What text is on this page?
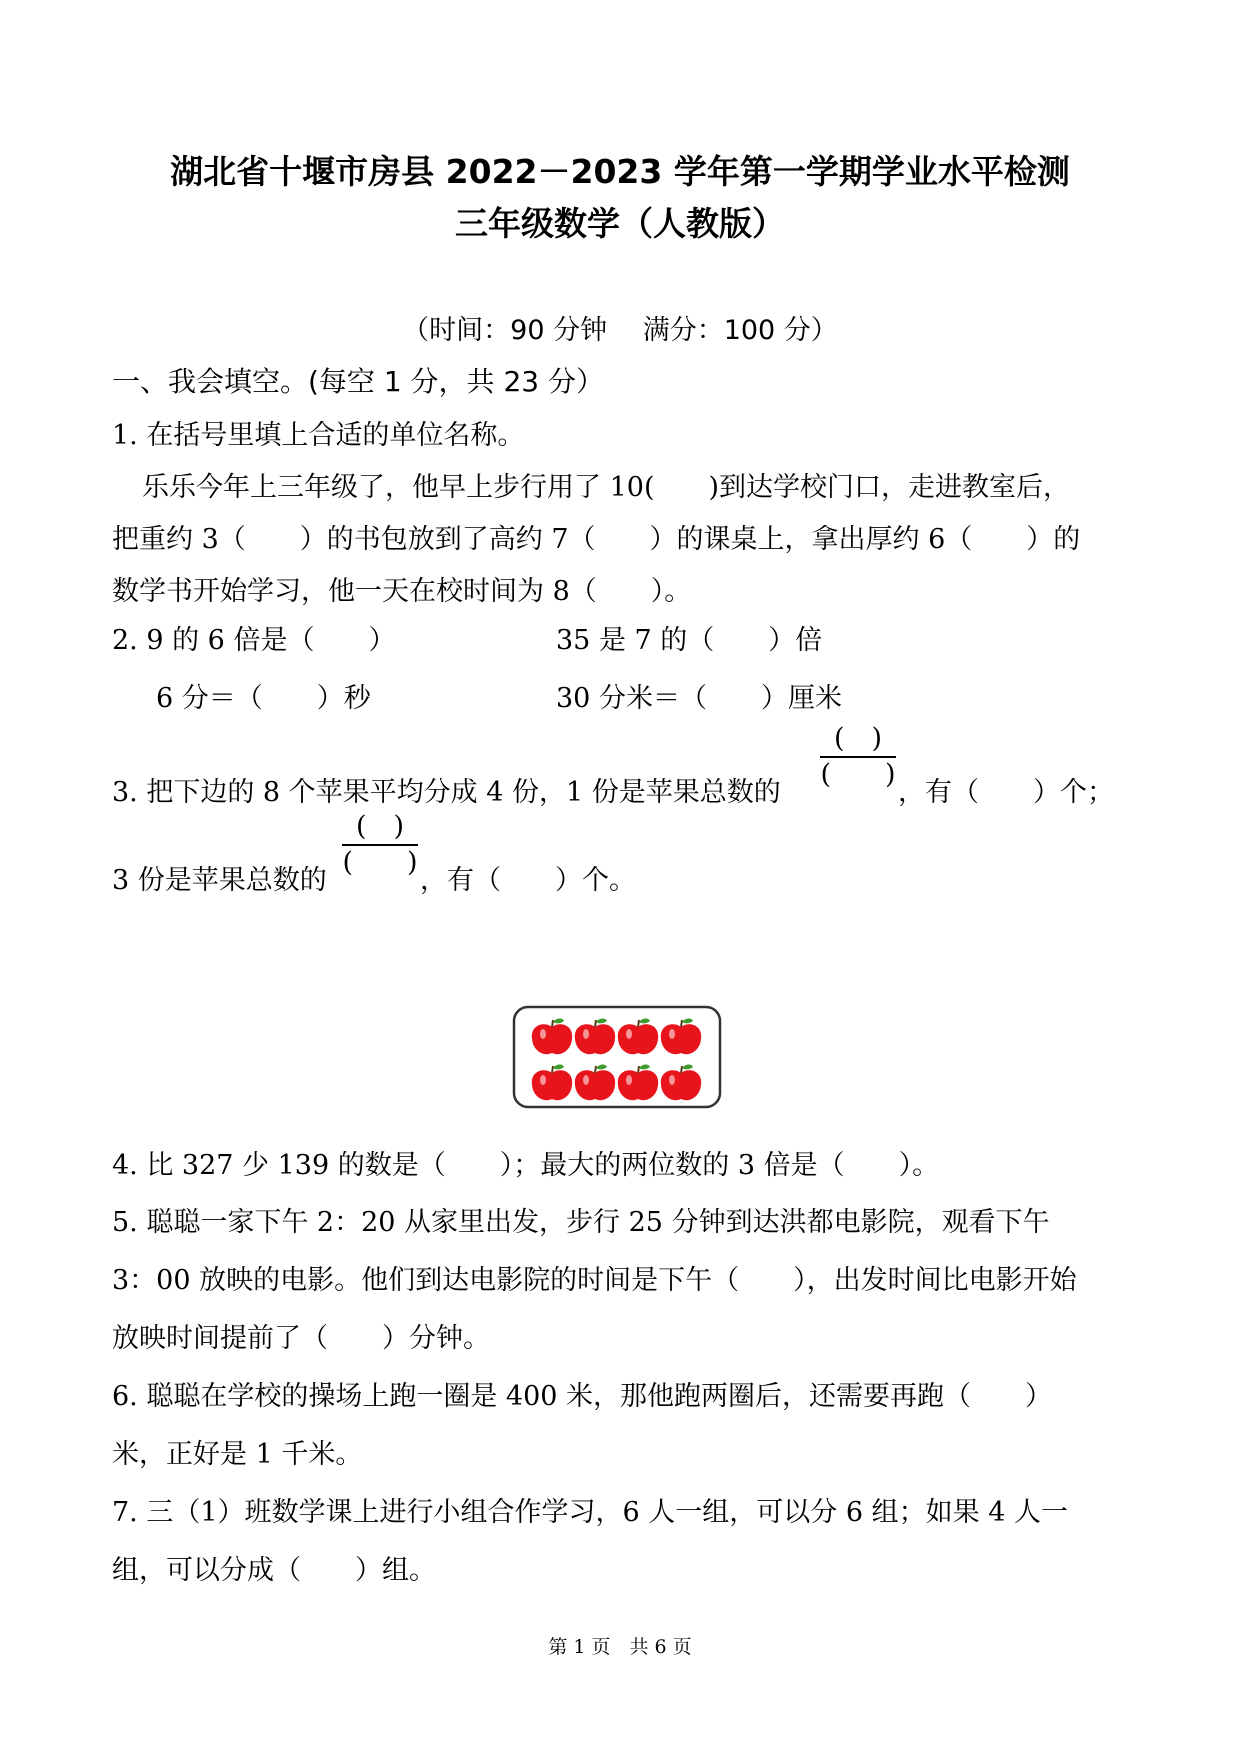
湖北省十堰市房县 2022－2023 学年第一学期学业水平检测
三年级数学（人教版）
（时间：90 分钟　 满分：100 分）
一、我会填空。(每空 1 分，共 23 分）
1. 在括号里填上合适的单位名称。
乐乐今年上三年级了，他早上步行用了 10(　　)到达学校门口，走进教室后，
把重约 3（　　）的书包放到了高约 7（　　）的课桌上，拿出厚约 6（　　）的
数学书开始学习，他一天在校时间为 8（　　）。
2. 9 的 6 倍是（　　）	35 是 7 的（　　）倍
6 分＝（　　）秒	30 分米＝（　　）厘米
3. 把下边的 8 个苹果平均分成 4 份，1 份是苹果总数的
(　)
(　　)
，有（　　）个；
3 份是苹果总数的
(　)
(　　)
，有（　　）个。
4. 比 327 少 139 的数是（　　）；最大的两位数的 3 倍是（　　）。
5. 聪聪一家下午 2：20 从家里出发，步行 25 分钟到达洪都电影院，观看下午
3：00 放映的电影。他们到达电影院的时间是下午（　　），出发时间比电影开始
放映时间提前了（　　）分钟。
6. 聪聪在学校的操场上跑一圈是 400 米，那他跑两圈后，还需要再跑（　　）
米，正好是 1 千米。
7. 三（1）班数学课上进行小组合作学习，6 人一组，可以分 6 组；如果 4 人一
组，可以分成（　　）组。
第 1 页　共 6 页
